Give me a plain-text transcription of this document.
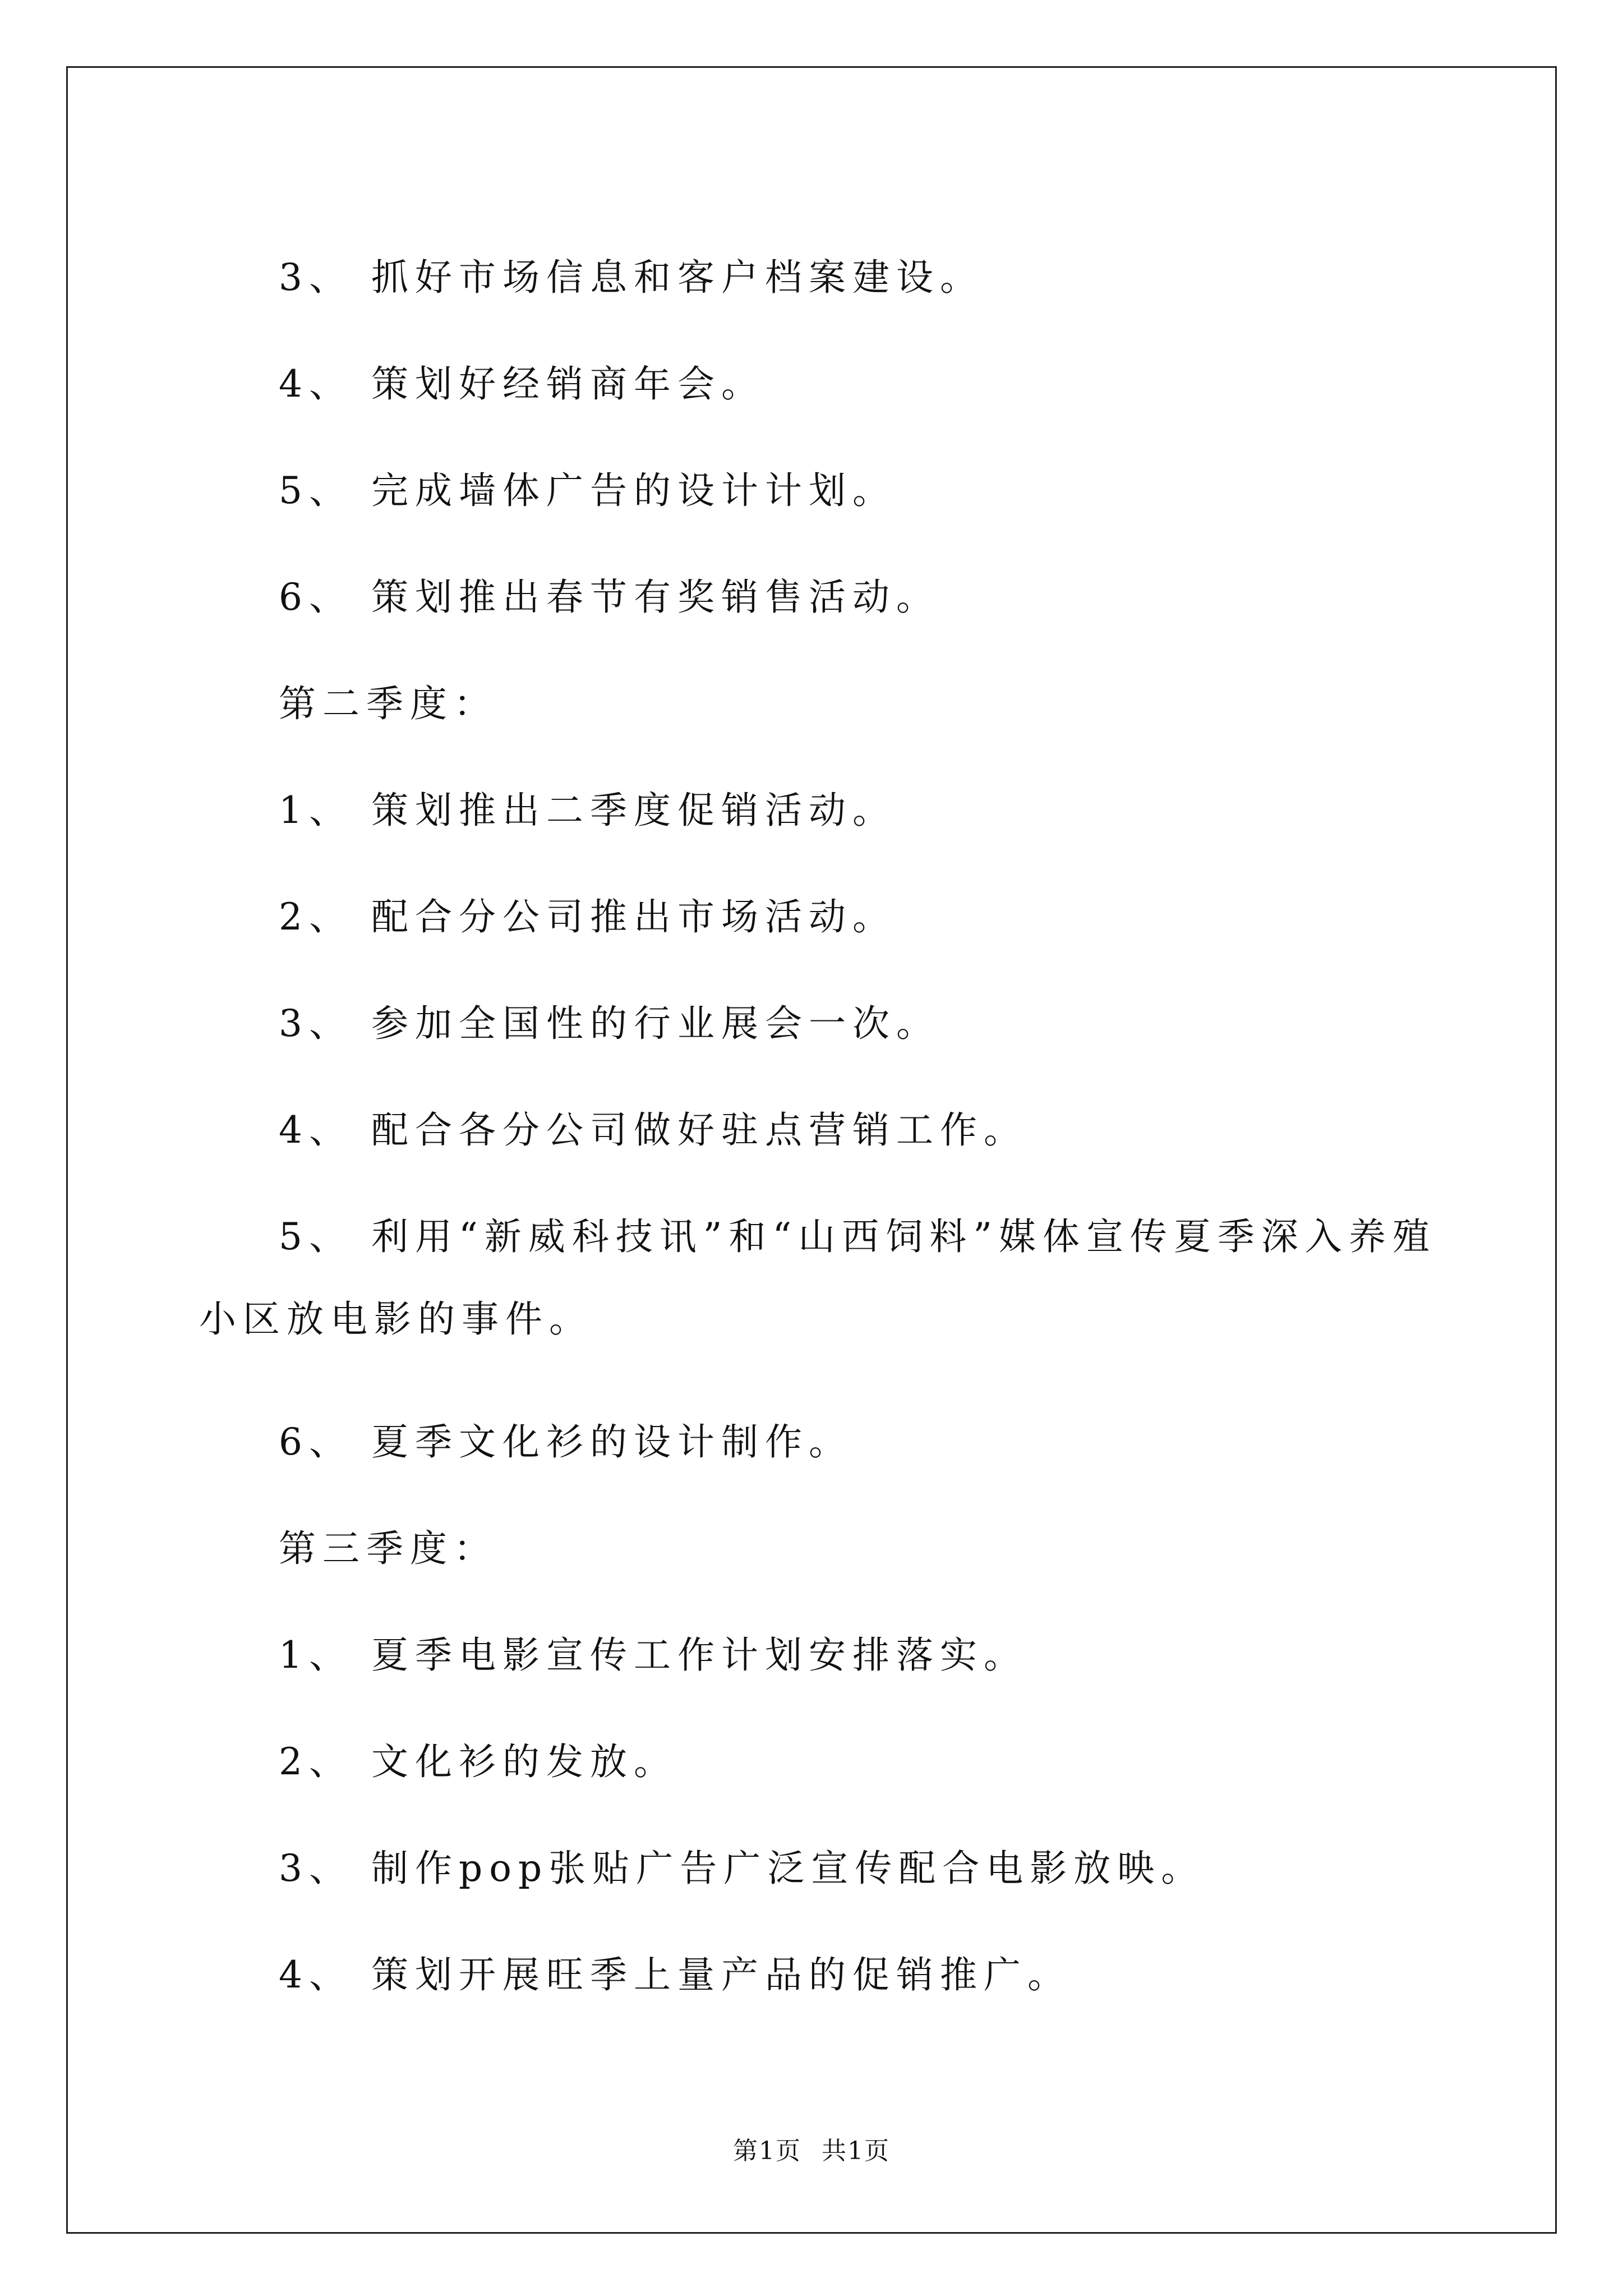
3、 抓好市场信息和客户档案建设。

4、 策划好经销商年会。

5、 完成墙体广告的设计计划。

6、 策划推出春节有奖销售活动。

第二季度：

1、 策划推出二季度促销活动。

2、 配合分公司推出市场活动。

3、 参加全国性的行业展会一次。

4、 配合各分公司做好驻点营销工作。

5、 利用“新威科技讯”和“山西饲料”媒体宣传夏季深入养殖

小区放电影的事件。

6、 夏季文化衫的设计制作。

第三季度：

1、 夏季电影宣传工作计划安排落实。

2、 文化衫的发放。

3、 制作pop张贴广告广泛宣传配合电影放映。

4、 策划开展旺季上量产品的促销推广。

第1页 共1页
